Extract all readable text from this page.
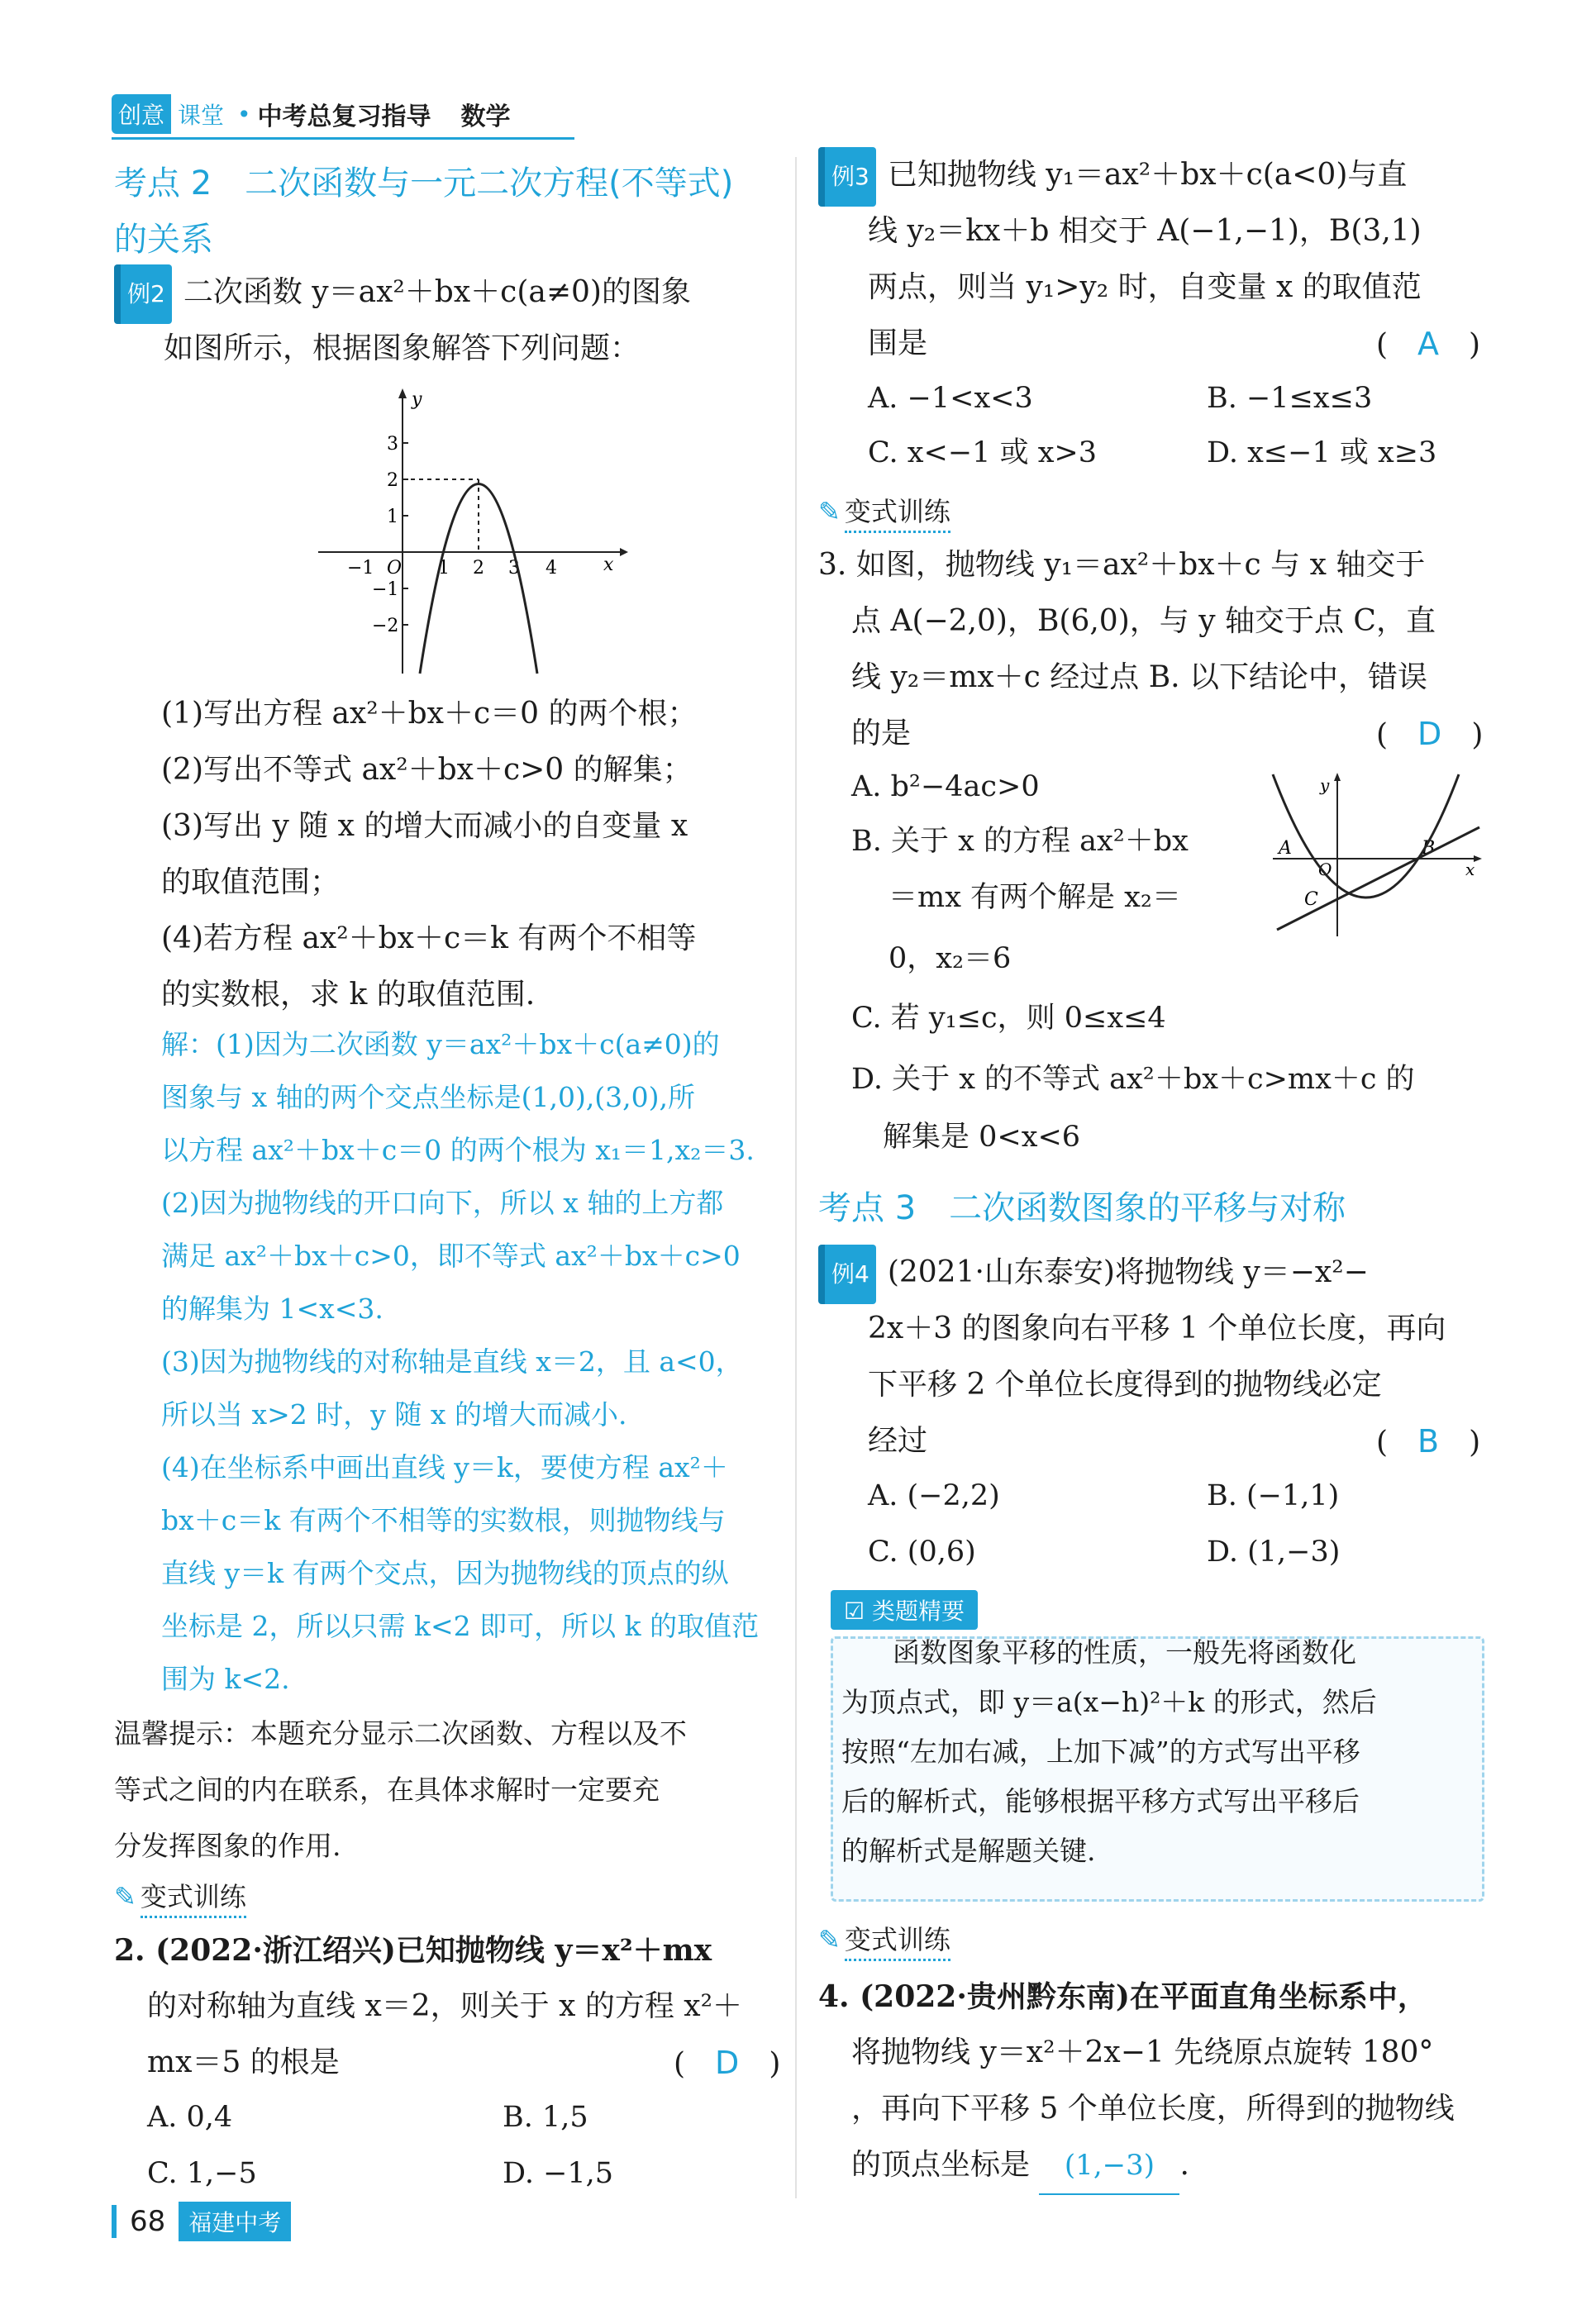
创意 课堂 • 中考总复习指导 数学
考点 2　二次函数与一元二次方程(不等式)
的关系
例2 二次函数 y＝ax²＋bx＋c(a≠0)的图象
如图所示，根据图象解答下列问题：
y
x
3
2
1
−1
−2
−1 O 1 2 3 4
(1)写出方程 ax²＋bx＋c＝0 的两个根；
(2)写出不等式 ax²＋bx＋c>0 的解集；
(3)写出 y 随 x 的增大而减小的自变量 x
的取值范围；
(4)若方程 ax²＋bx＋c＝k 有两个不相等
的实数根，求 k 的取值范围.
解：(1)因为二次函数 y＝ax²＋bx＋c(a≠0)的
图象与 x 轴的两个交点坐标是(1,0),(3,0),所
以方程 ax²＋bx＋c＝0 的两个根为 x₁＝1,x₂＝3.
(2)因为抛物线的开口向下，所以 x 轴的上方都
满足 ax²＋bx＋c>0，即不等式 ax²＋bx＋c>0
的解集为 1<x<3.
(3)因为抛物线的对称轴是直线 x＝2，且 a<0，
所以当 x>2 时，y 随 x 的增大而减小.
(4)在坐标系中画出直线 y＝k，要使方程 ax²＋
bx＋c＝k 有两个不相等的实数根，则抛物线与
直线 y＝k 有两个交点，因为抛物线的顶点的纵
坐标是 2，所以只需 k<2 即可，所以 k 的取值范
围为 k<2.
温馨提示：本题充分显示二次函数、方程以及不
等式之间的内在联系，在具体求解时一定要充
分发挥图象的作用.
✎ 变式训练
2. (2022·浙江绍兴)已知抛物线 y＝x²＋mx
的对称轴为直线 x＝2，则关于 x 的方程 x²＋
mx＝5 的根是	(　D　)
A. 0,4	B. 1,5
C. 1,−5	D. −1,5
例3 已知抛物线 y₁＝ax²＋bx＋c(a<0)与直
线 y₂＝kx＋b 相交于 A(−1,−1)，B(3,1)
两点，则当 y₁>y₂ 时，自变量 x 的取值范
围是	(　A　)
A. −1<x<3	B. −1≤x≤3
C. x<−1 或 x>3	D. x≤−1 或 x≥3
✎ 变式训练
3. 如图，抛物线 y₁＝ax²＋bx＋c 与 x 轴交于
点 A(−2,0)，B(6,0)，与 y 轴交于点 C，直
线 y₂＝mx＋c 经过点 B. 以下结论中，错误
的是	(　D　)
A. b²−4ac>0
B. 关于 x 的方程 ax²＋bx
＝mx 有两个解是 x₂＝
0，x₂＝6
C. 若 y₁≤c，则 0≤x≤4
D. 关于 x 的不等式 ax²＋bx＋c>mx＋c 的
解集是 0<x<6
y
x
A	B
C
O
考点 3　二次函数图象的平移与对称
例4 (2021·山东泰安)将抛物线 y＝−x²−
2x＋3 的图象向右平移 1 个单位长度，再向
下平移 2 个单位长度得到的抛物线必定
经过	(　B　)
A. (−2,2)	B. (−1,1)
C. (0,6)	D. (1,−3)
☑ 类题精要
函数图象平移的性质，一般先将函数化
为顶点式，即 y＝a(x−h)²＋k 的形式，然后
按照“左加右减，上加下减”的方式写出平移
后的解析式，能够根据平移方式写出平移后
的解析式是解题关键.
✎ 变式训练
4. (2022·贵州黔东南)在平面直角坐标系中，
将抛物线 y＝x²＋2x−1 先绕原点旋转 180°
，再向下平移 5 个单位长度，所得到的抛物线
的顶点坐标是 (1,−3) .
68	福建中考
